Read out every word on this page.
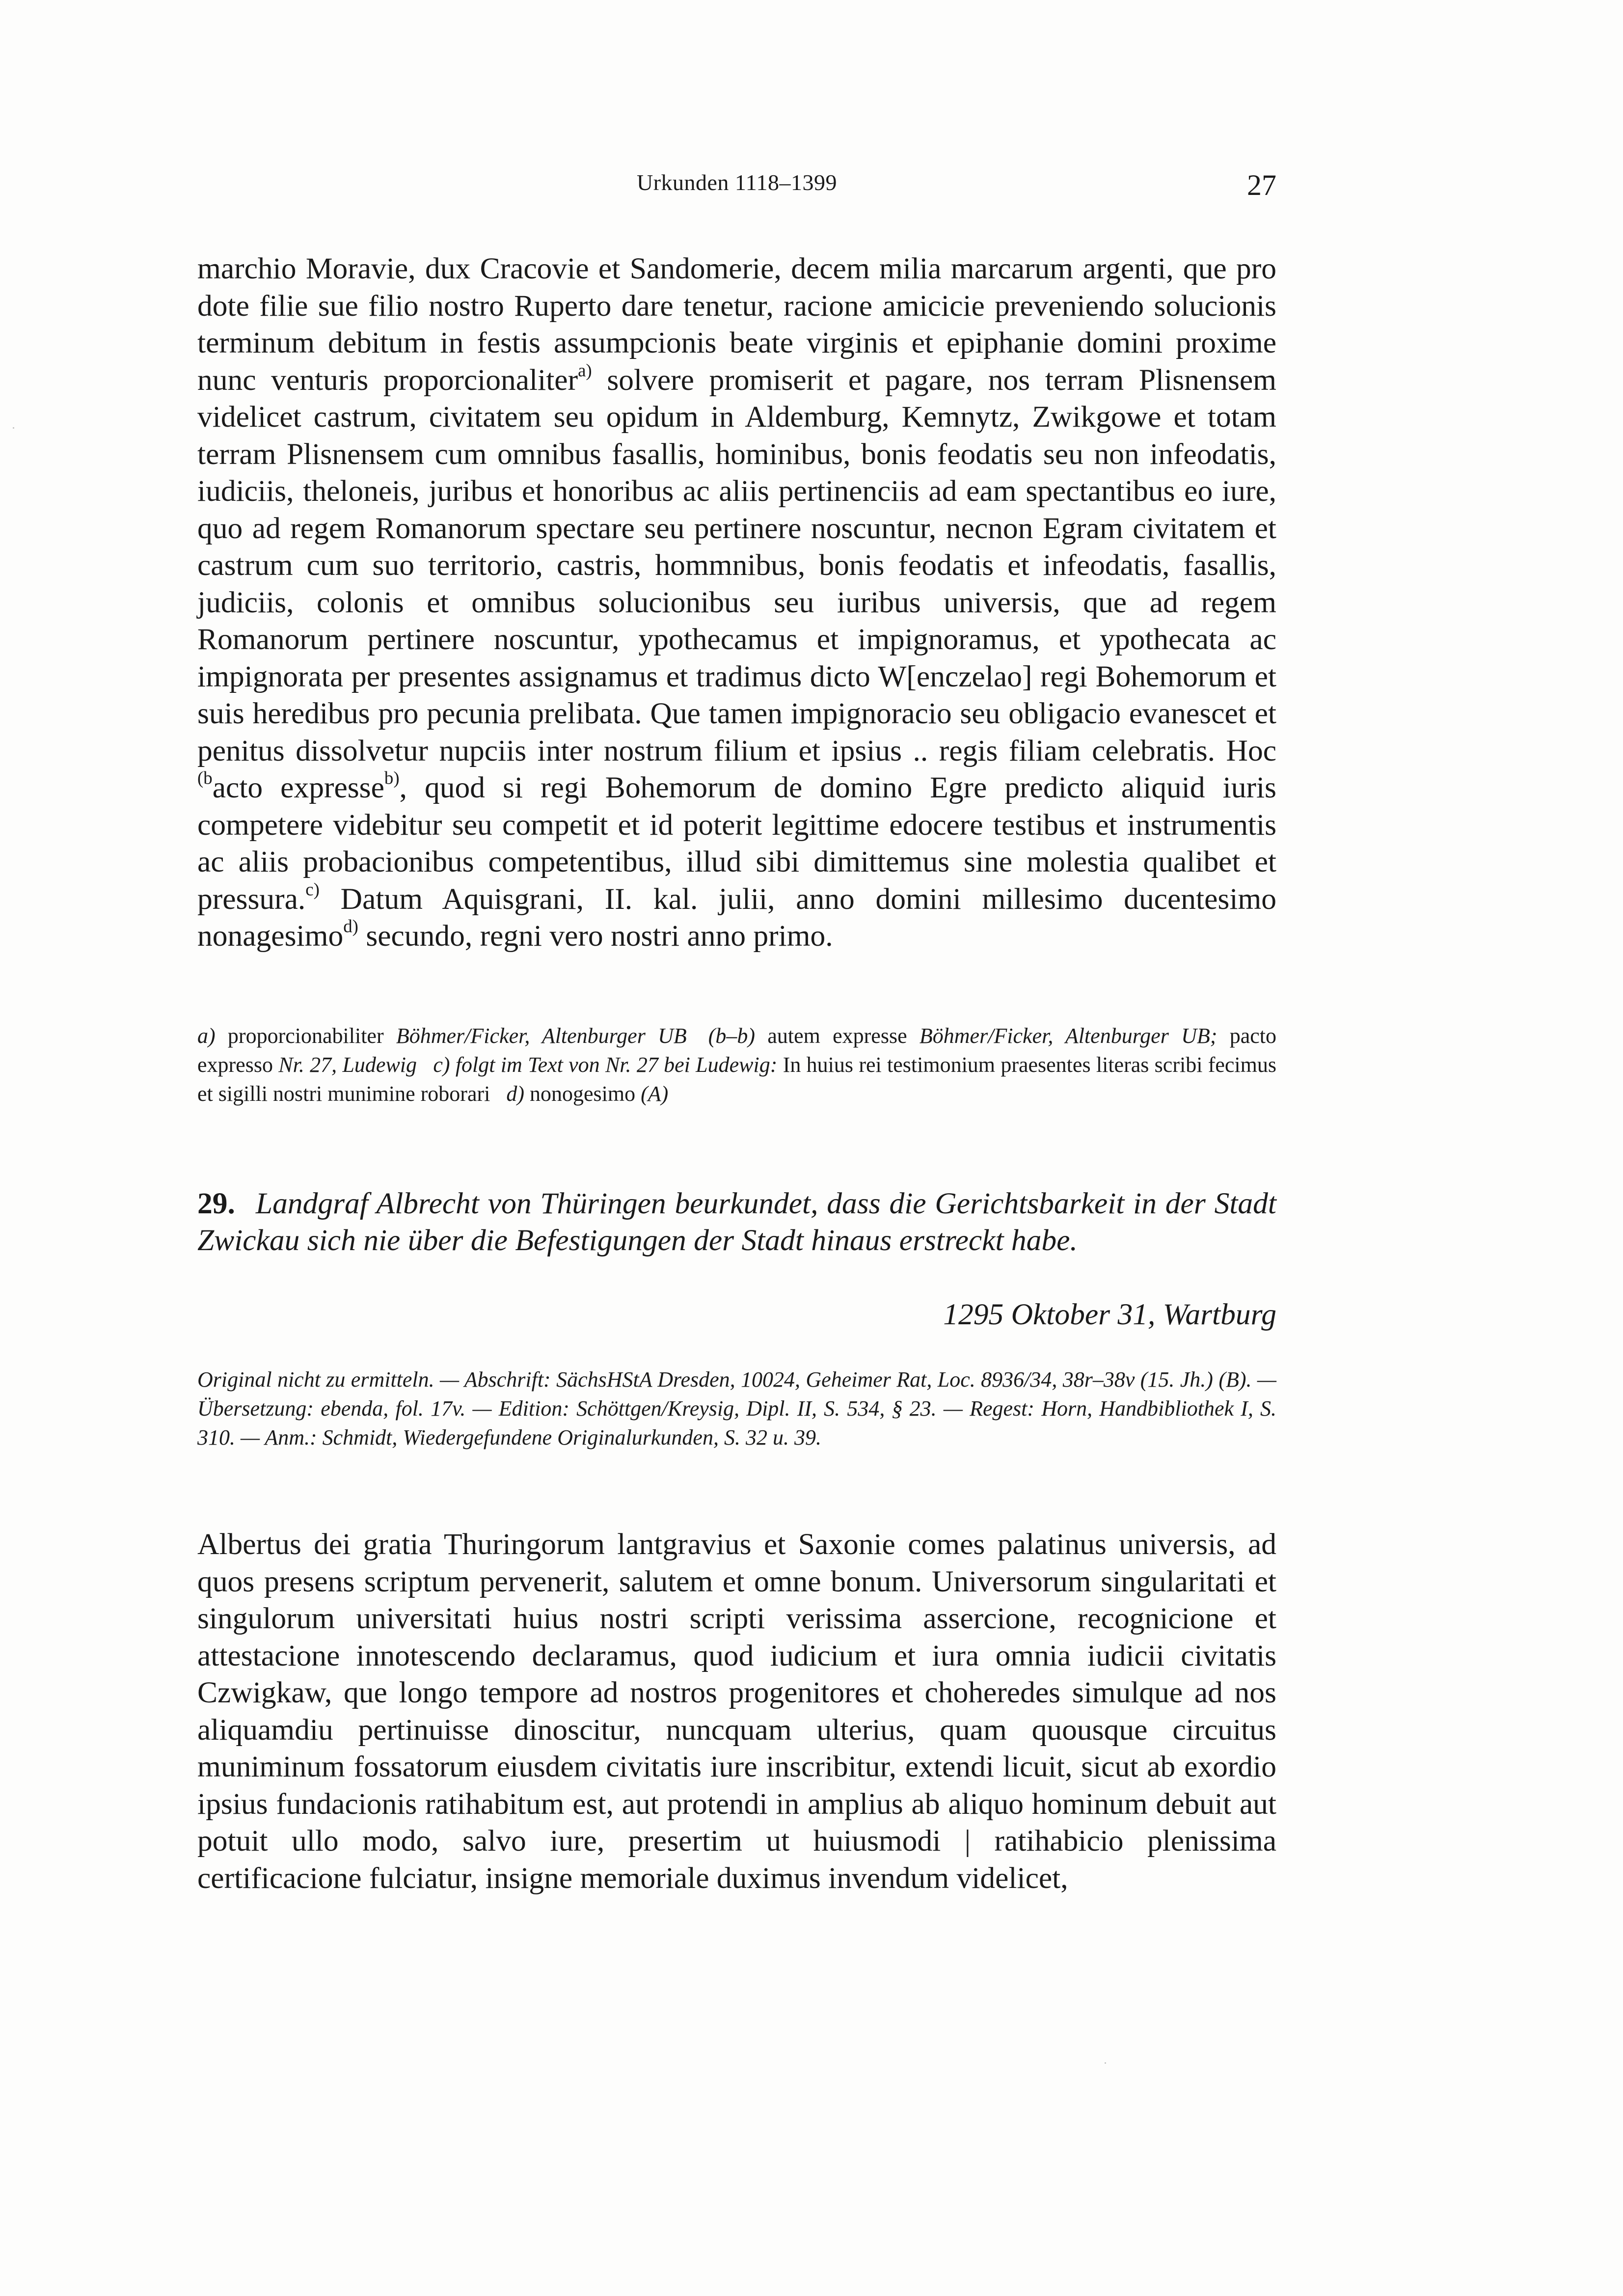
Urkunden 1118–1399	27

marchio Moravie, dux Cracovie et Sandomerie, decem milia marcarum argenti, que pro dote filie sue filio nostro Ruperto dare tenetur, racione amicicie preveniendo solucionis terminum debitum in festis assumpcionis beate virginis et epiphanie domini proxime nunc venturis proporcionaliter$^{a)}$ solvere promiserit et pagare, nos terram Plisnensem videlicet castrum, civitatem seu opidum in Aldemburg, Kemnytz, Zwikgowe et totam terram Plisnensem cum omnibus fasallis, hominibus, bonis feodatis seu non infeodatis, iudiciis, theloneis, juribus et honoribus ac aliis pertinenciis ad eam spectantibus eo iure, quo ad regem Romanorum spectare seu pertinere noscuntur, necnon Egram civitatem et castrum cum suo territorio, castris, hommnibus, bonis feodatis et infeodatis, fasallis, judiciis, colonis et omnibus solucionibus seu iuribus universis, que ad regem Romanorum pertinere noscuntur, ypothecamus et impignoramus, et ypothecata ac impignorata per presentes assignamus et tradimus dicto W[enczelao] regi Bohemorum et suis heredibus pro pecunia prelibata. Que tamen impignoracio seu obligacio evanescet et penitus dissolvetur nupciis inter nostrum filium et ipsius .. regis filiam celebratis. Hoc $^{(b}$acto expresse$^{b)}$, quod si regi Bohemorum de domino Egre predicto aliquid iuris competere videbitur seu competit et id poterit legittime edocere testibus et instrumentis ac aliis probacionibus competentibus, illud sibi dimittemus sine molestia qualibet et pressura.$^{c)}$ Datum Aquisgrani, II. kal. julii, anno domini millesimo ducentesimo nonagesimo$^{d)}$ secundo, regni vero nostri anno primo.

a) proporcionabiliter Böhmer/Ficker, Altenburger UB  (b–b) autem expresse Böhmer/Ficker, Altenburger UB; pacto expresso Nr. 27, Ludewig  c) folgt im Text von Nr. 27 bei Ludewig: In huius rei testimonium praesentes literas scribi fecimus et sigilli nostri munimine roborari  d) nonogesimo (A)

29. Landgraf Albrecht von Thüringen beurkundet, dass die Gerichtsbarkeit in der Stadt Zwickau sich nie über die Befestigungen der Stadt hinaus erstreckt habe.

1295 Oktober 31, Wartburg

Original nicht zu ermitteln. — Abschrift: SächsHStA Dresden, 10024, Geheimer Rat, Loc. 8936/34, 38r–38v (15. Jh.) (B). — Übersetzung: ebenda, fol. 17v. — Edition: Schöttgen/Kreysig, Dipl. II, S. 534, § 23. — Regest: Horn, Handbibliothek I, S. 310. — Anm.: Schmidt, Wiedergefundene Originalurkunden, S. 32 u. 39.

Albertus dei gratia Thuringorum lantgravius et Saxonie comes palatinus universis, ad quos presens scriptum pervenerit, salutem et omne bonum. Universorum singularitati et singulorum universitati huius nostri scripti verissima assercione, recognicione et attestacione innotescendo declaramus, quod iudicium et iura omnia iudicii civitatis Czwigkaw, que longo tempore ad nostros progenitores et choheredes simulque ad nos aliquamdiu pertinuisse dinoscitur, nuncquam ulterius, quam quousque circuitus muniminum fossatorum eiusdem civitatis iure inscribitur, extendi licuit, sicut ab exordio ipsius fundacionis ratihabitum est, aut protendi in amplius ab aliquo hominum debuit aut potuit ullo modo, salvo iure, presertim ut huiusmodi | ratihabicio plenissima certificacione fulciatur, insigne memoriale duximus invendum videlicet,
